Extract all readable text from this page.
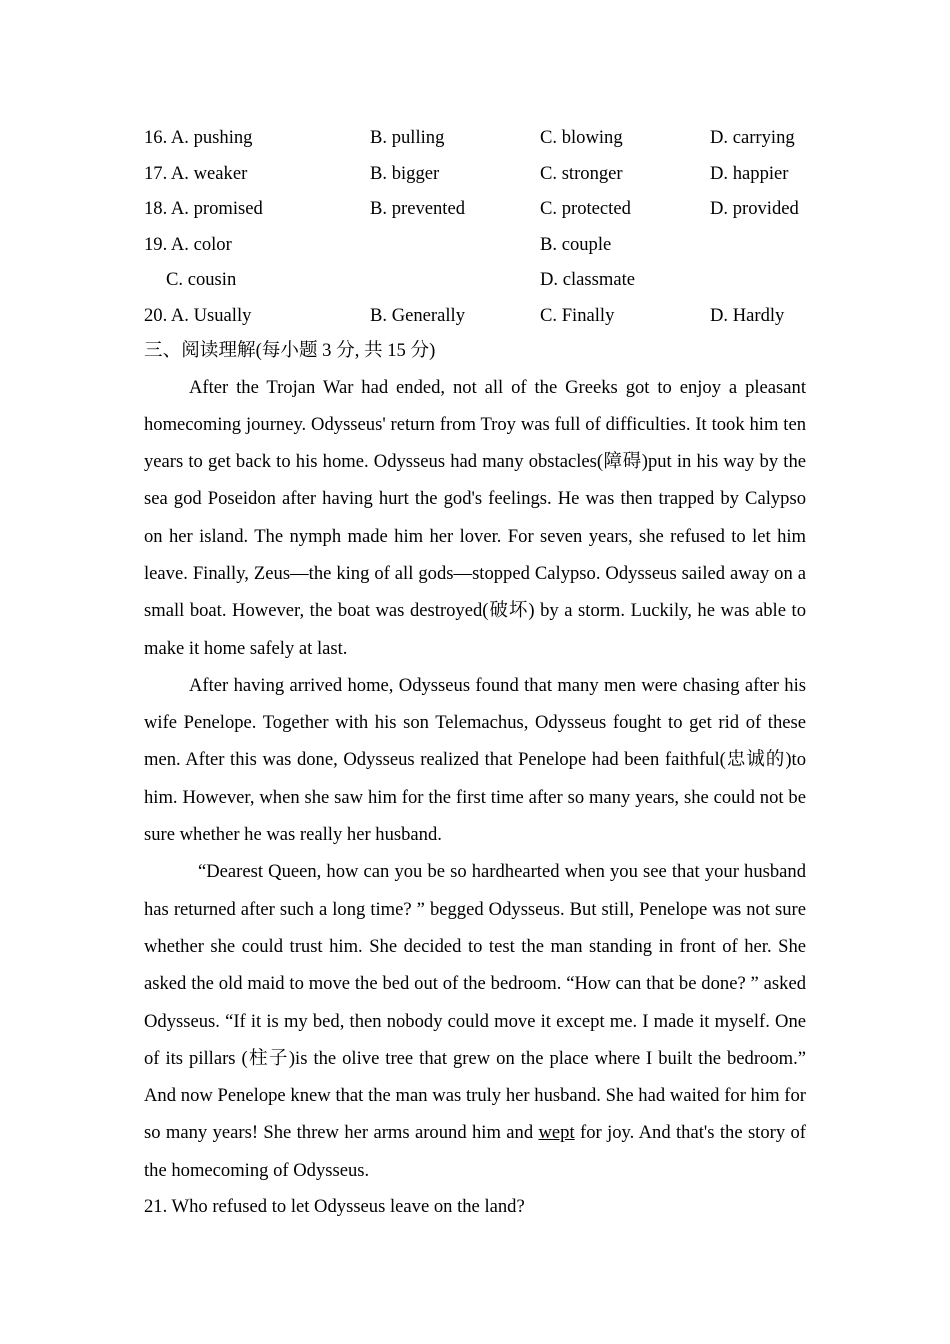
16. A. pushing	B. pulling	C. blowing	D. carrying
17. A. weaker	B. bigger	C. stronger	D. happier
18. A. promised	B. prevented	C. protected	D. provided
19. A. color	B. couple
C. cousin	D. classmate
20. A. Usually	B. Generally	C. Finally	D. Hardly
三、阅读理解(每小题 3 分, 共 15 分)

After the Trojan War had ended, not all of the Greeks got to enjoy a pleasant homecoming journey. Odysseus' return from Troy was full of difficulties. It took him ten years to get back to his home. Odysseus had many obstacles(障碍)put in his way by the sea god Poseidon after having hurt the god's feelings. He was then trapped by Calypso on her island. The nymph made him her lover. For seven years, she refused to let him leave. Finally, Zeus—the king of all gods—stopped Calypso. Odysseus sailed away on a small boat. However, the boat was destroyed(破坏) by a storm. Luckily, he was able to make it home safely at last.

After having arrived home, Odysseus found that many men were chasing after his wife Penelope. Together with his son Telemachus, Odysseus fought to get rid of these men. After this was done, Odysseus realized that Penelope had been faithful(忠诚的)to him. However, when she saw him for the first time after so many years, she could not be sure whether he was really her husband.

“Dearest Queen, how can you be so hardhearted when you see that your husband has returned after such a long time? ” begged Odysseus. But still, Penelope was not sure whether she could trust him. She decided to test the man standing in front of her. She asked the old maid to move the bed out of the bedroom. “How can that be done? ” asked Odysseus. “If it is my bed, then nobody could move it except me. I made it myself. One of its pillars (柱子)is the olive tree that grew on the place where I built the bedroom.” And now Penelope knew that the man was truly her husband. She had waited for him for so many years! She threw her arms around him and wept for joy. And that's the story of the homecoming of Odysseus.

21. Who refused to let Odysseus leave on the land?
